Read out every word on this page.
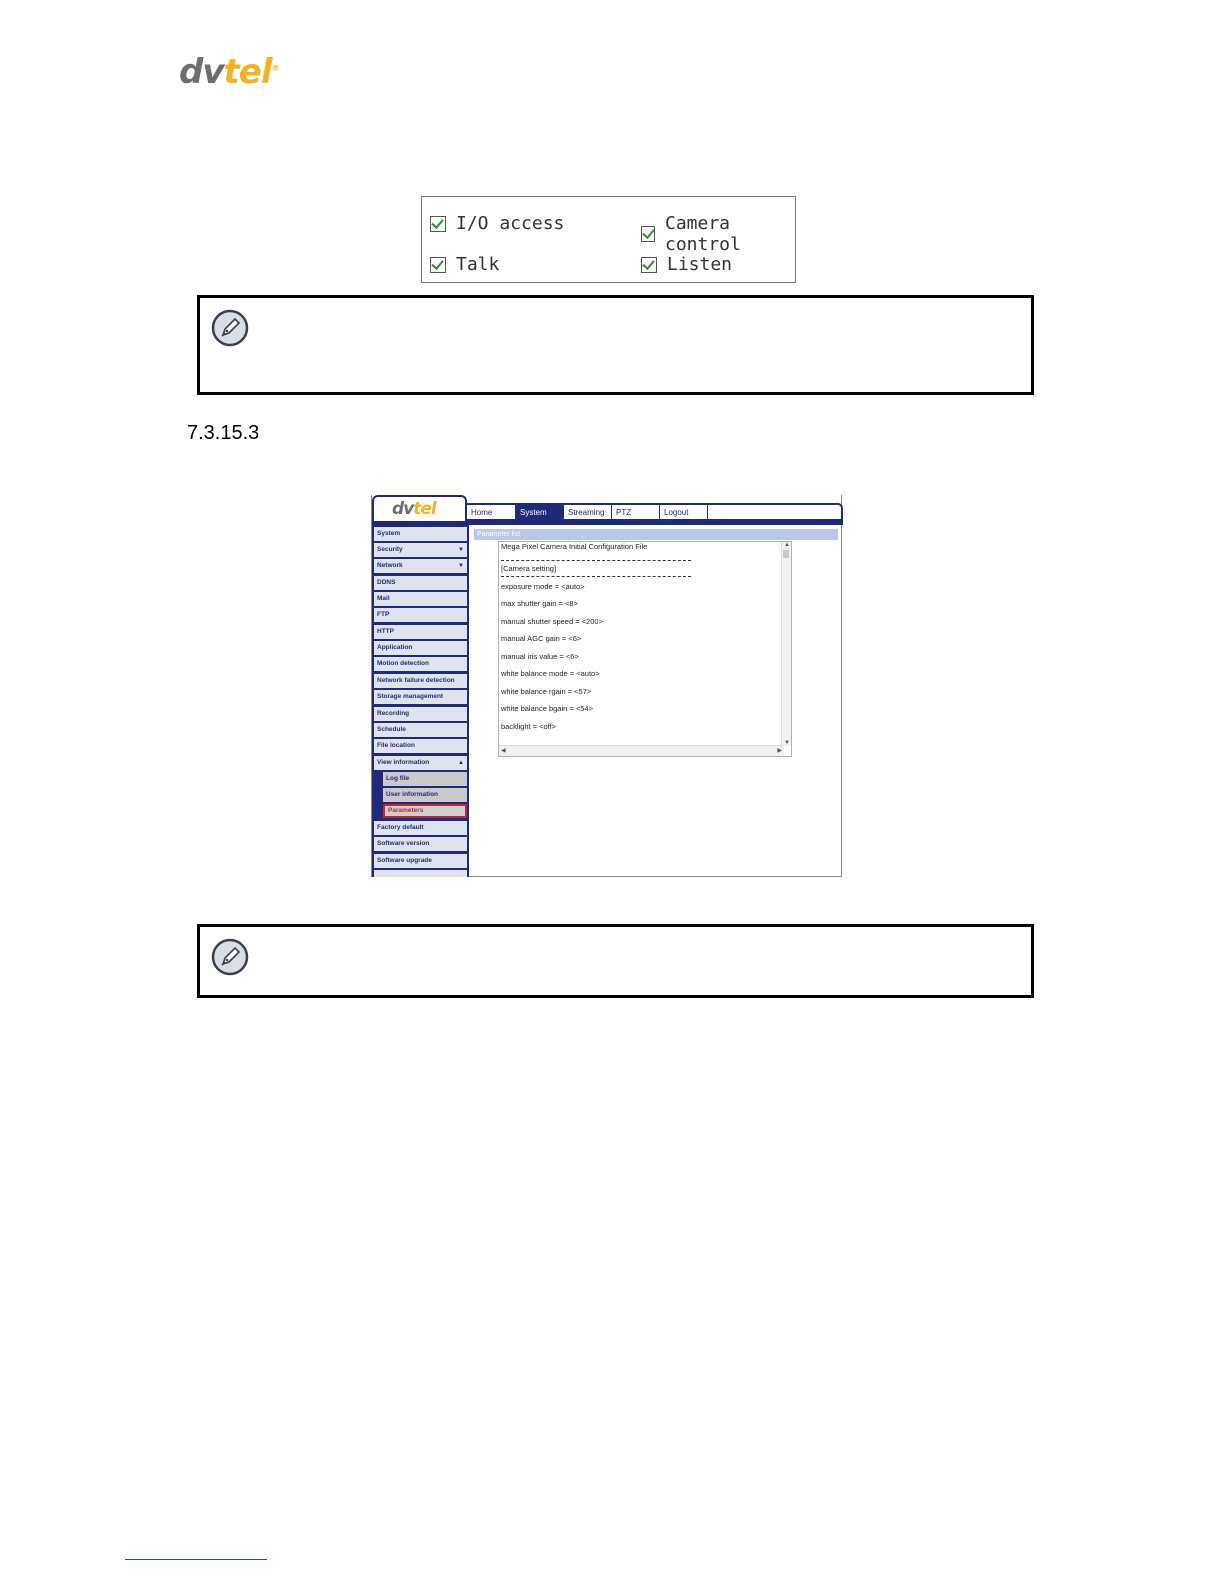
dvtel®
I/O access	Camera control
Talk	Listen
7.3.15.3
dvtel	Home	System	Streaming	PTZ	Logout
System
Security	▼
Network	▼
DDNS
Mail
FTP
HTTP
Application
Motion detection
Network failure detection
Storage management
Recording
Schedule
File location
View information	▲
Log file
User information
Parameters
Factory default
Software version
Software upgrade
Parameter list
Mega Pixel Camera Initial Configuration File
[Camera setting]
exposure mode = <auto>
max shutter gain = <8>
manual shutter speed = <200>
manual AGC gain = <6>
manual iris value = <6>
white balance mode = <auto>
white balance rgain = <57>
white balance bgain = <54>
backlight = <off>
▲
▼
◀	▶
